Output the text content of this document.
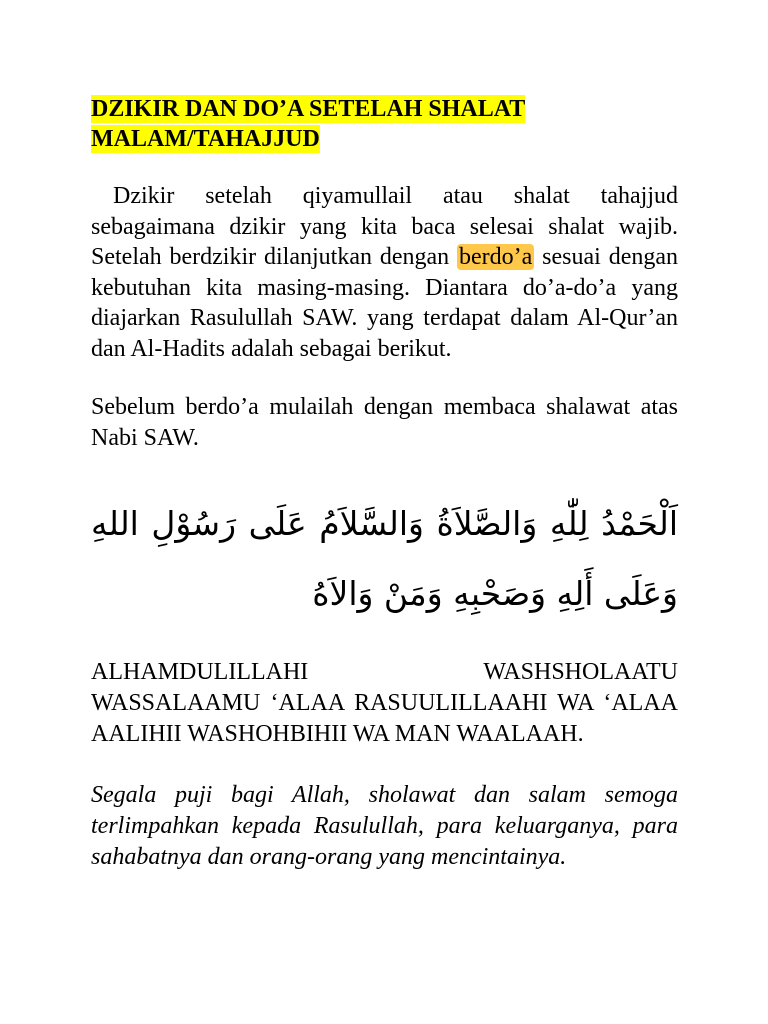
DZIKIR DAN DO’A SETELAH SHALAT
MALAM/TAHAJJUD

Dzikir setelah qiyamullail atau shalat tahajjud sebagaimana dzikir yang kita baca selesai shalat wajib. Setelah berdzikir dilanjutkan dengan berdo’a sesuai dengan kebutuhan kita masing-masing. Diantara do’a-do’a yang diajarkan Rasulullah SAW. yang terdapat dalam Al-Qur’an dan Al-Hadits adalah sebagai berikut.

Sebelum berdo’a mulailah dengan membaca shalawat atas Nabi SAW.

اَلْحَمْدُ لِلّٰهِ وَالصَّلاَةُ وَالسَّلاَمُ عَلَى رَسُوْلِ اللهِ وَعَلَى أَلِهِ وَصَحْبِهِ وَمَنْ وَالاَهُ

ALHAMDULILLAHI WASHSHOLAATU WASSALAAMU ‘ALAA RASUULILLAAHI WA ‘ALAA AALIHII WASHOHBIHII WA MAN WAALAAH.

Segala puji bagi Allah, sholawat dan salam semoga terlimpahkan kepada Rasulullah, para keluarganya, para sahabatnya dan orang-orang yang mencintainya.
